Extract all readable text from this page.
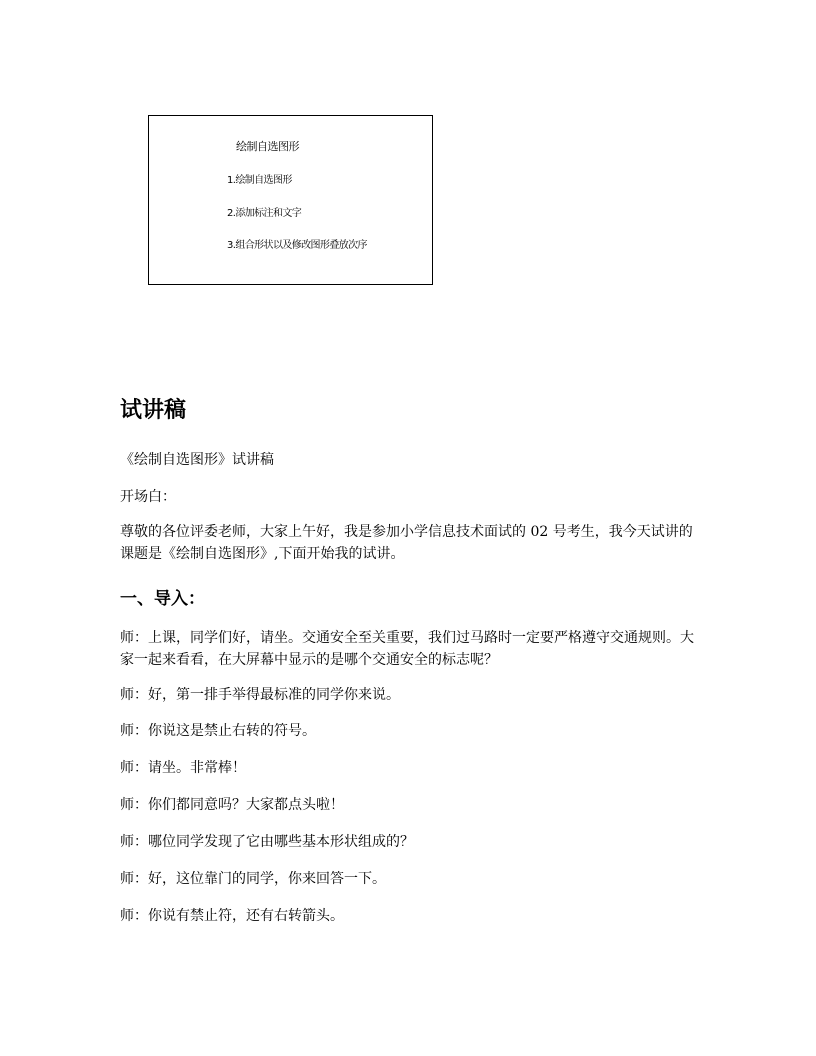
绘制自选图形
1.绘制自选图形
2.添加标注和文字
3.组合形状以及修改图形叠放次序
试讲稿

《绘制自选图形》试讲稿

开场白：

尊敬的各位评委老师，大家上午好，我是参加小学信息技术面试的 02 号考生，我今天试讲的课题是《绘制自选图形》,下面开始我的试讲。

一、导入：

师：上课，同学们好，请坐。交通安全至关重要，我们过马路时一定要严格遵守交通规则。大家一起来看看，在大屏幕中显示的是哪个交通安全的标志呢？

师：好，第一排手举得最标准的同学你来说。

师：你说这是禁止右转的符号。

师：请坐。非常棒！

师：你们都同意吗？大家都点头啦！

师：哪位同学发现了它由哪些基本形状组成的？

师：好，这位靠门的同学，你来回答一下。

师：你说有禁止符，还有右转箭头。
